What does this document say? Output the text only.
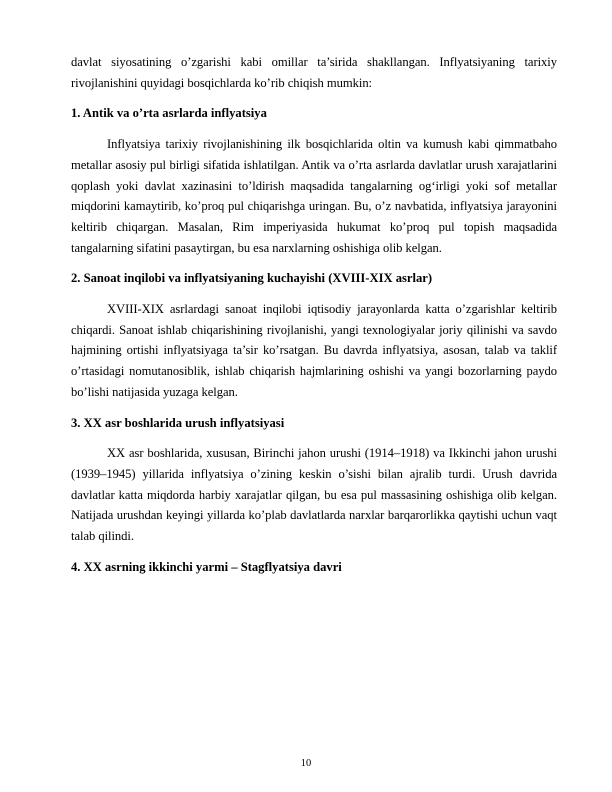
davlat siyosatining o’zgarishi kabi omillar ta’sirida shakllangan. Inflyatsiyaning tarixiy rivojlanishini quyidagi bosqichlarda ko’rib chiqish mumkin:

1. Antik va o’rta asrlarda inflyatsiya

Inflyatsiya tarixiy rivojlanishining ilk bosqichlarida oltin va kumush kabi qimmatbaho metallar asosiy pul birligi sifatida ishlatilgan. Antik va o’rta asrlarda davlatlar urush xarajatlarini qoplash yoki davlat xazinasini to’ldirish maqsadida tangalarning og‘irligi yoki sof metallar miqdorini kamaytirib, ko’proq pul chiqarishga uringan. Bu, o’z navbatida, inflyatsiya jarayonini keltirib chiqargan. Masalan, Rim imperiyasida hukumat ko’proq pul topish maqsadida tangalarning sifatini pasaytirgan, bu esa narxlarning oshishiga olib kelgan.

2. Sanoat inqilobi va inflyatsiyaning kuchayishi (XVIII-XIX asrlar)

XVIII-XIX asrlardagi sanoat inqilobi iqtisodiy jarayonlarda katta o’zgarishlar keltirib chiqardi. Sanoat ishlab chiqarishining rivojlanishi, yangi texnologiyalar joriy qilinishi va savdo hajmining ortishi inflyatsiyaga ta’sir ko’rsatgan. Bu davrda inflyatsiya, asosan, talab va taklif o’rtasidagi nomutanosiblik, ishlab chiqarish hajmlarining oshishi va yangi bozorlarning paydo bo’lishi natijasida yuzaga kelgan.

3. XX asr boshlarida urush inflyatsiyasi

XX asr boshlarida, xususan, Birinchi jahon urushi (1914–1918) va Ikkinchi jahon urushi (1939–1945) yillarida inflyatsiya o’zining keskin o’sishi bilan ajralib turdi. Urush davrida davlatlar katta miqdorda harbiy xarajatlar qilgan, bu esa pul massasining oshishiga olib kelgan. Natijada urushdan keyingi yillarda ko’plab davlatlarda narxlar barqarorlikka qaytishi uchun vaqt talab qilindi.

4. XX asrning ikkinchi yarmi – Stagflyatsiya davri
10
